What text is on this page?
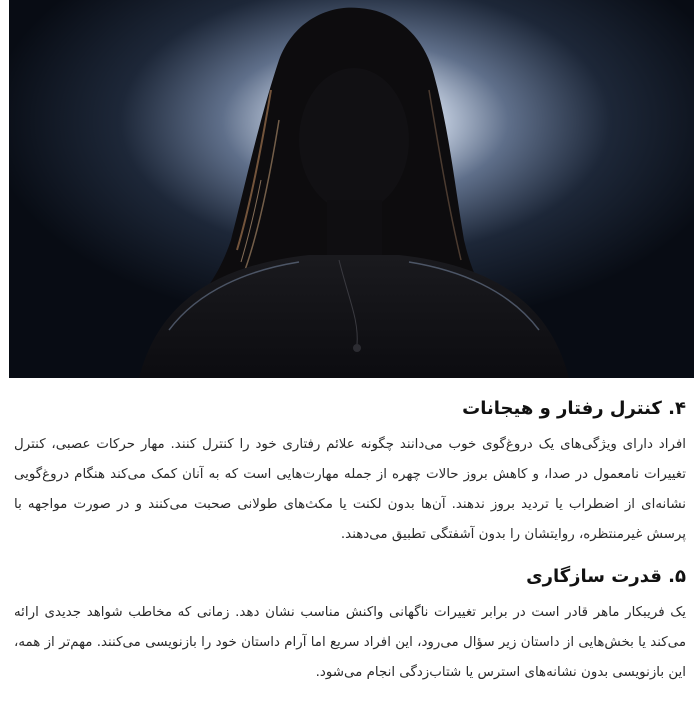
۴. کنترل رفتار و هیجانات

افراد دارای ویژگی‌های یک دروغ‌گوی خوب می‌دانند چگونه علائم رفتاری خود را کنترل کنند. مهار حرکات عصبی، کنترل تغییرات نامعمول در صدا، و کاهش بروز حالات چهره از جمله مهارت‌هایی است که به آنان کمک می‌کند هنگام دروغ‌گویی نشانه‌ای از اضطراب یا تردید بروز ندهند. آن‌ها بدون لکنت یا مکث‌های طولانی صحبت می‌کنند و در صورت مواجهه با پرسش غیرمنتظره، روایتشان را بدون آشفتگی تطبیق می‌دهند.

۵. قدرت سازگاری

یک فریبکار ماهر قادر است در برابر تغییرات ناگهانی واکنش مناسب نشان دهد. زمانی که مخاطب شواهد جدیدی ارائه می‌کند یا بخش‌هایی از داستان زیر سؤال می‌رود، این افراد سریع اما آرام داستان خود را بازنویسی می‌کنند. مهم‌تر از همه، این بازنویسی بدون نشانه‌های استرس یا شتاب‌زدگی انجام می‌شود.
